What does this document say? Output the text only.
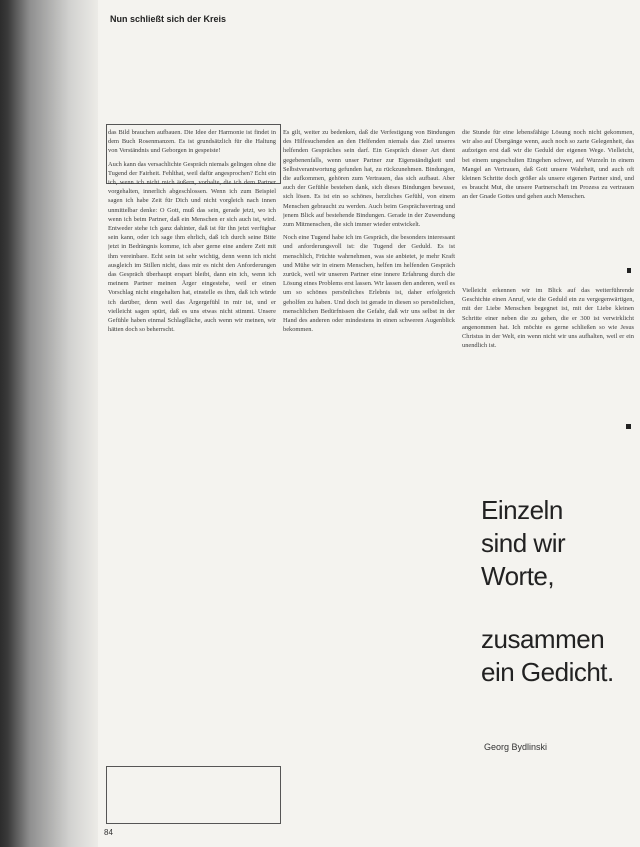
Nun schließt sich der Kreis

das Bild brauchen aufbauen. Die Idee der Harmonie ist findet in dem Buch Rosenmanzen. Es ist grundsätzlich für die Haltung von Verständnis und Geborgen in gespeiste!

Auch kann das versachlichte Gespräch niemals gelingen ohne die Tugend der Fairheit. Fehlthat, weil dafür angesprochen? Echt ein ich, wenn ich nicht mich äußern, vorhalte, die ich dem Partner vorgehalten, innerlich abgeschlossen. Wenn ich zum Beispiel sagen ich habe Zeit für Dich und nicht vorgleich nach innen unmittelbar denke: O Gott, muß das sein, gerade jetzt, wo ich wenn ich beim Partner, daß ein Menschen er sich auch ist, wird. Entweder stehe ich ganz dahinter, daß ist für ihn jetzt verfügbar sein kann, oder ich sage ihm ehrlich, daß ich durch seine Bitte jetzt in Bedrängnis komme, ich aber gerne eine andere Zeit mit ihm vereinbare. Echt sein ist sehr wichtig, denn wenn ich nicht ausgleich im Stillen nicht, dass mir es nicht den Anforderungen das Gespräch überhaupt erspart bleibt, dann ein ich, wenn ich meinem Partner meinen Ärger eingestehe, weil er einen Vorschlag nicht eingehalten hat, einstelle es ihm, daß ich würde ich darüber, denn weil das Ärgergefühl in mir ist, und er vielleicht sagen spürt, daß es uns etwas nicht stimmt. Unsere Gefühle haben einmal Schlagfläche, auch wenn wir meinen, wir hätten doch so beherrscht.

Es gilt, weiter zu bedenken, daß die Verfestigung von Bindungen des Hilfesuchenden an den Helfenden niemals das Ziel unseres helfenden Gespräches sein darf. Ein Gespräch dieser Art dient gegebenenfalls, wenn unser Partner zur Eigenständigkeit und Selbstverantwortung gefunden hat, zu rückzunehmen. Bindungen, die aufkommen, gehören zum Vertrauen, das sich aufbaut. Aber auch der Gefühle bestehen dank, sich dieses Bindungen bewusst, sich lösen. Es ist ein so schönes, herzliches Gefühl, von einem Menschen gebraucht zu werden. Auch beim Gesprächsvertrag und jenem Blick auf bestehende Bindungen. Gerade in der Zuwendung zum Mitmenschen, die sich immer wieder entwickelt.

Noch eine Tugend habe ich im Gespräch, die besonders interessant und anforderungsvoll ist: die Tugend der Geduld. Es ist menschlich, Früchte wahrnehmen, was sie anbietet, je mehr Kraft und Mühe wir in einem Menschen, helfen im helfenden Gespräch zurück, weil wir unseren Partner eine innere Erfahrung durch die Lösung eines Problems erst lassen. Wir lassen den anderen, weil es um so schönes persönliches Erlebnis ist, daher erfolgreich geholfen zu haben. Und doch ist gerade in diesen so persönlichen, menschlichen Bedürfnissen die Gefahr, daß wir uns selbst in der Hand des anderen oder mindestens in einen schweren Augenblick bekommen.

die Stunde für eine lebensfähige Lösung noch nicht gekommen, wir also auf Übergänge wenn, auch noch so zarte Gelegenheit, das aufzeigen erst daß wir die Geduld der eigenen Wege. Vielleicht, bei einem ungeschulten Eingehen schwer, auf Wurzeln in einem Mangel an Vertrauen, daß Gott unsere Wahrheit, und auch oft kleinen Schritte doch größer als unsere eigenen Partner sind, und es braucht Mut, die unsere Partnerschaft im Prozess zu vertrauen an der Gnade Gottes und gehen auch Menschen.

Vielleicht erkennen wir im Blick auf das weiterführende Geschichte einen Anruf, wie die Geduld ein zu vergegenwärtigen, mit der Liebe Menschen begegnet ist, mit der Liebe kleinen Schritte einer neben die zu gehen, die er 300 ist verwirklicht angenommen hat. Ich möchte es gerne schließen so wie Jesus Christus in der Welt, ein wenn nicht wir uns aufhalten, weil er ein unendlich ist.

Einzeln
sind wir
Worte,
zusammen
ein Gedicht.
Georg Bydlinski
84
